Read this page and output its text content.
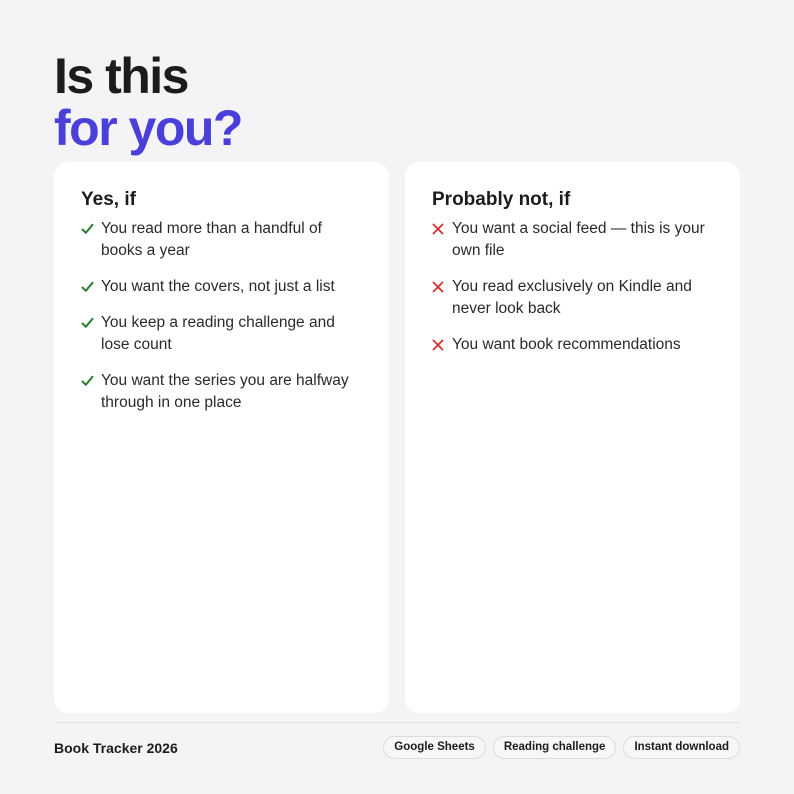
Is this
for you?
Yes, if
You read more than a handful of books a year
You want the covers, not just a list
You keep a reading challenge and lose count
You want the series you are halfway through in one place
Probably not, if
You want a social feed — this is your own file
You read exclusively on Kindle and never look back
You want book recommendations
Book Tracker 2026	Google Sheets	Reading challenge	Instant download
